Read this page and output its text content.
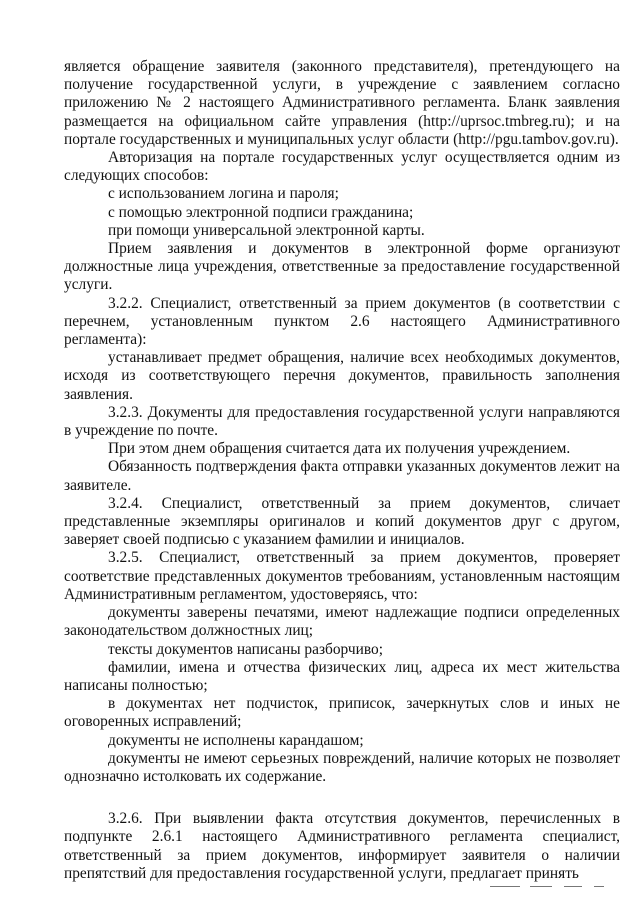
является обращение заявителя (законного представителя), претендующего на получение государственной услуги, в учреждение с заявлением согласно приложению № 2 настоящего Административного регламента. Бланк заявления размещается на официальном сайте управления (http://uprsoc.tmbreg.ru); и на портале государственных и муниципальных услуг области (http://pgu.tambov.gov.ru).

Авторизация на портале государственных услуг осуществляется одним из следующих способов:

с использованием логина и пароля;

с помощью электронной подписи гражданина;

при помощи универсальной электронной карты.

Прием заявления и документов в электронной форме организуют должностные лица учреждения, ответственные за предоставление государственной услуги.

3.2.2. Специалист, ответственный за прием документов (в соответствии с перечнем, установленным пунктом 2.6 настоящего Административного регламента):

устанавливает предмет обращения, наличие всех необходимых документов, исходя из соответствующего перечня документов, правильность заполнения заявления.

3.2.3. Документы для предоставления государственной услуги направляются в учреждение по почте.

При этом днем обращения считается дата их получения учреждением.

Обязанность подтверждения факта отправки указанных документов лежит на заявителе.

3.2.4. Специалист, ответственный за прием документов, сличает представленные экземпляры оригиналов и копий документов друг с другом, заверяет своей подписью с указанием фамилии и инициалов.

3.2.5. Специалист, ответственный за прием документов, проверяет соответствие представленных документов требованиям, установленным настоящим Административным регламентом, удостоверяясь, что:

документы заверены печатями, имеют надлежащие подписи определенных законодательством должностных лиц;

тексты документов написаны разборчиво;

фамилии, имена и отчества физических лиц, адреса их мест жительства написаны полностью;

в документах нет подчисток, приписок, зачеркнутых слов и иных не оговоренных исправлений;

документы не исполнены карандашом;

документы не имеют серьезных повреждений, наличие которых не позволяет однозначно истолковать их содержание.

3.2.6. При выявлении факта отсутствия документов, перечисленных в подпункте 2.6.1 настоящего Административного регламента специалист, ответственный за прием документов, информирует заявителя о наличии препятствий для предоставления государственной услуги, предлагает принять
